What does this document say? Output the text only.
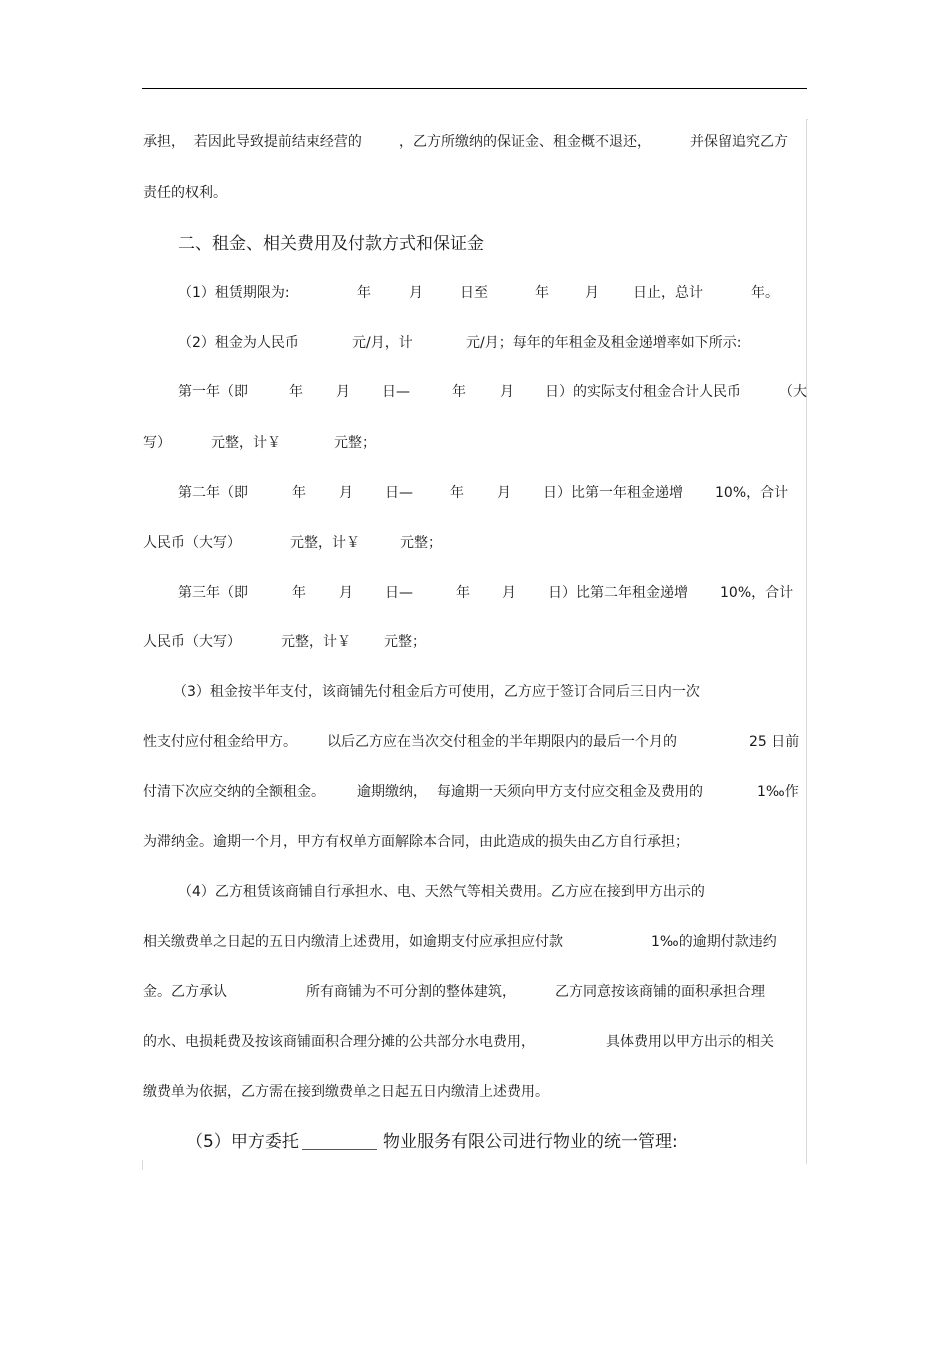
承担，  若因此导致提前结束经营的	，乙方所缴纳的保证金、租金概不退还，	并保留追究乙方
责任的权利。
二、租金、相关费用及付款方式和保证金
（1）租赁期限为:	年	月	日至	年	月 日止，总计	年。
（2）租金为人民币	元/月，计	元/月；每年的年租金及租金递增率如下所示:
第一年（即	年 月 日—	年 月 日）的实际支付租金合计人民币	（大
写）	元整，计￥	元整；
第二年（即	年 月 日—	年 月 日）比第一年租金递增 10%，合计
人民币（大写）	元整，计￥	元整；
第三年（即	年 月 日—	年 月 日）比第二年租金递增 10%，合计
人民币（大写）	元整，计￥ 元整；
（3）租金按半年支付，该商铺先付租金后方可使用，乙方应于签订合同后三日内一次
性支付应付租金给甲方。 以后乙方应在当次交付租金的半年期限内的最后一个月的	25 日前
付清下次应交纳的全额租金。 逾期缴纳， 每逾期一天须向甲方支付应交租金及费用的	1‰作
为滞纳金。逾期一个月，甲方有权单方面解除本合同，由此造成的损失由乙方自行承担；
（4）乙方租赁该商铺自行承担水、电、天然气等相关费用。乙方应在接到甲方出示的
相关缴费单之日起的五日内缴清上述费用，如逾期支付应承担应付款	1‰的逾期付款违约
金。乙方承认	所有商铺为不可分割的整体建筑，	乙方同意按该商铺的面积承担合理
的水、电损耗费及按该商铺面积合理分摊的公共部分水电费用，	具体费用以甲方出示的相关
缴费单为依据，乙方需在接到缴费单之日起五日内缴清上述费用。
（5）甲方委托	物业服务有限公司进行物业的统一管理:
